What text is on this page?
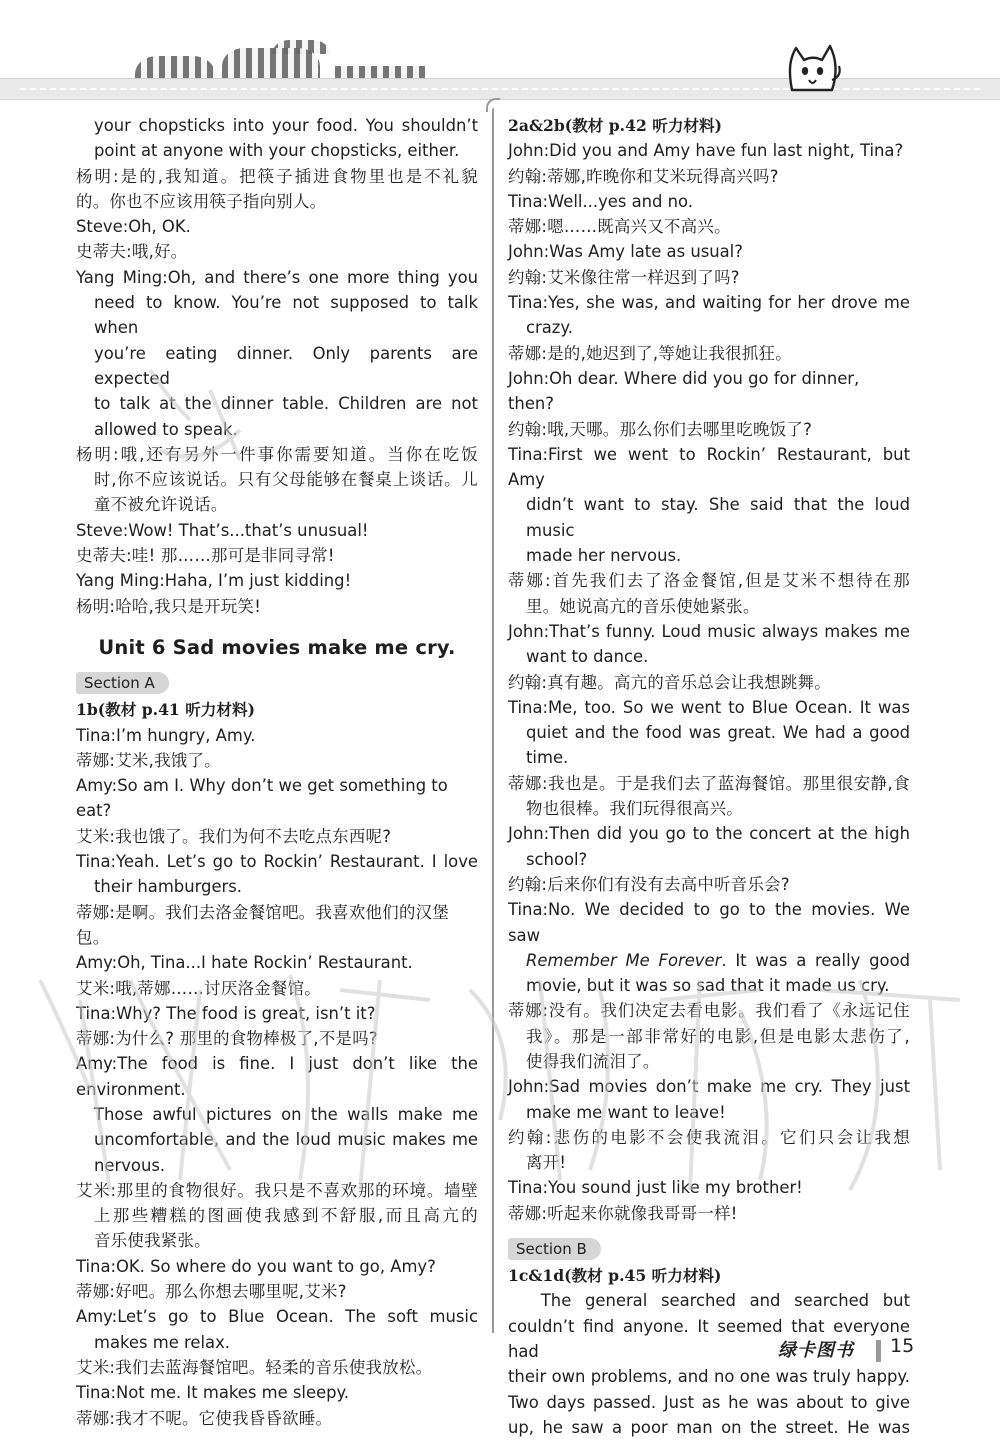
your chopsticks into your food. You shouldn’t
point at anyone with your chopsticks, either.
杨明:是的,我知道。把筷子插进食物里也是不礼貌
的。你也不应该用筷子指向别人。
Steve:Oh, OK.
史蒂夫:哦,好。
Yang Ming:Oh, and there’s one more thing you
need to know. You’re not supposed to talk when
you’re eating dinner. Only parents are expected
to talk at the dinner table. Children are not
allowed to speak.
杨明:哦,还有另外一件事你需要知道。当你在吃饭
时,你不应该说话。只有父母能够在餐桌上谈话。儿
童不被允许说话。
Steve:Wow! That’s...that’s unusual!
史蒂夫:哇! 那……那可是非同寻常!
Yang Ming:Haha, I’m just kidding!
杨明:哈哈,我只是开玩笑!
Unit 6 Sad movies make me cry.
Section A
1b(教材 p.41 听力材料)
Tina:I’m hungry, Amy.
蒂娜:艾米,我饿了。
Amy:So am I. Why don’t we get something to eat?
艾米:我也饿了。我们为何不去吃点东西呢?
Tina:Yeah. Let’s go to Rockin’ Restaurant. I love
their hamburgers.
蒂娜:是啊。我们去洛金餐馆吧。我喜欢他们的汉堡包。
Amy:Oh, Tina...I hate Rockin’ Restaurant.
艾米:哦,蒂娜……讨厌洛金餐馆。
Tina:Why? The food is great, isn’t it?
蒂娜:为什么? 那里的食物棒极了,不是吗?
Amy:The food is fine. I just don’t like the environment.
Those awful pictures on the walls make me
uncomfortable, and the loud music makes me
nervous.
艾米:那里的食物很好。我只是不喜欢那的环境。墙壁
上那些糟糕的图画使我感到不舒服,而且高亢的
音乐使我紧张。
Tina:OK. So where do you want to go, Amy?
蒂娜:好吧。那么你想去哪里呢,艾米?
Amy:Let’s go to Blue Ocean. The soft music
makes me relax.
艾米:我们去蓝海餐馆吧。轻柔的音乐使我放松。
Tina:Not me. It makes me sleepy.
蒂娜:我才不呢。它使我昏昏欲睡。
2a&2b(教材 p.42 听力材料)
John:Did you and Amy have fun last night, Tina?
约翰:蒂娜,昨晚你和艾米玩得高兴吗?
Tina:Well...yes and no.
蒂娜:嗯……既高兴又不高兴。
John:Was Amy late as usual?
约翰:艾米像往常一样迟到了吗?
Tina:Yes, she was, and waiting for her drove me
crazy.
蒂娜:是的,她迟到了,等她让我很抓狂。
John:Oh dear. Where did you go for dinner, then?
约翰:哦,天哪。那么你们去哪里吃晚饭了?
Tina:First we went to Rockin’ Restaurant, but Amy
didn’t want to stay. She said that the loud music
made her nervous.
蒂娜:首先我们去了洛金餐馆,但是艾米不想待在那
里。她说高亢的音乐使她紧张。
John:That’s funny. Loud music always makes me
want to dance.
约翰:真有趣。高亢的音乐总会让我想跳舞。
Tina:Me, too. So we went to Blue Ocean. It was
quiet and the food was great. We had a good
time.
蒂娜:我也是。于是我们去了蓝海餐馆。那里很安静,食
物也很棒。我们玩得很高兴。
John:Then did you go to the concert at the high
school?
约翰:后来你们有没有去高中听音乐会?
Tina:No. We decided to go to the movies. We saw
Remember Me Forever. It was a really good
movie, but it was so sad that it made us cry.
蒂娜:没有。我们决定去看电影。我们看了《永远记住
我》。那是一部非常好的电影,但是电影太悲伤了,
使得我们流泪了。
John:Sad movies don’t make me cry. They just
make me want to leave!
约翰:悲伤的电影不会使我流泪。它们只会让我想
离开!
Tina:You sound just like my brother!
蒂娜:听起来你就像我哥哥一样!
Section B
1c&1d(教材 p.45 听力材料)
The general searched and searched but
couldn’t find anyone. It seemed that everyone had
their own problems, and no one was truly happy.
Two days passed. Just as he was about to give
up, he saw a poor man on the street. He was
绿卡图书 15
